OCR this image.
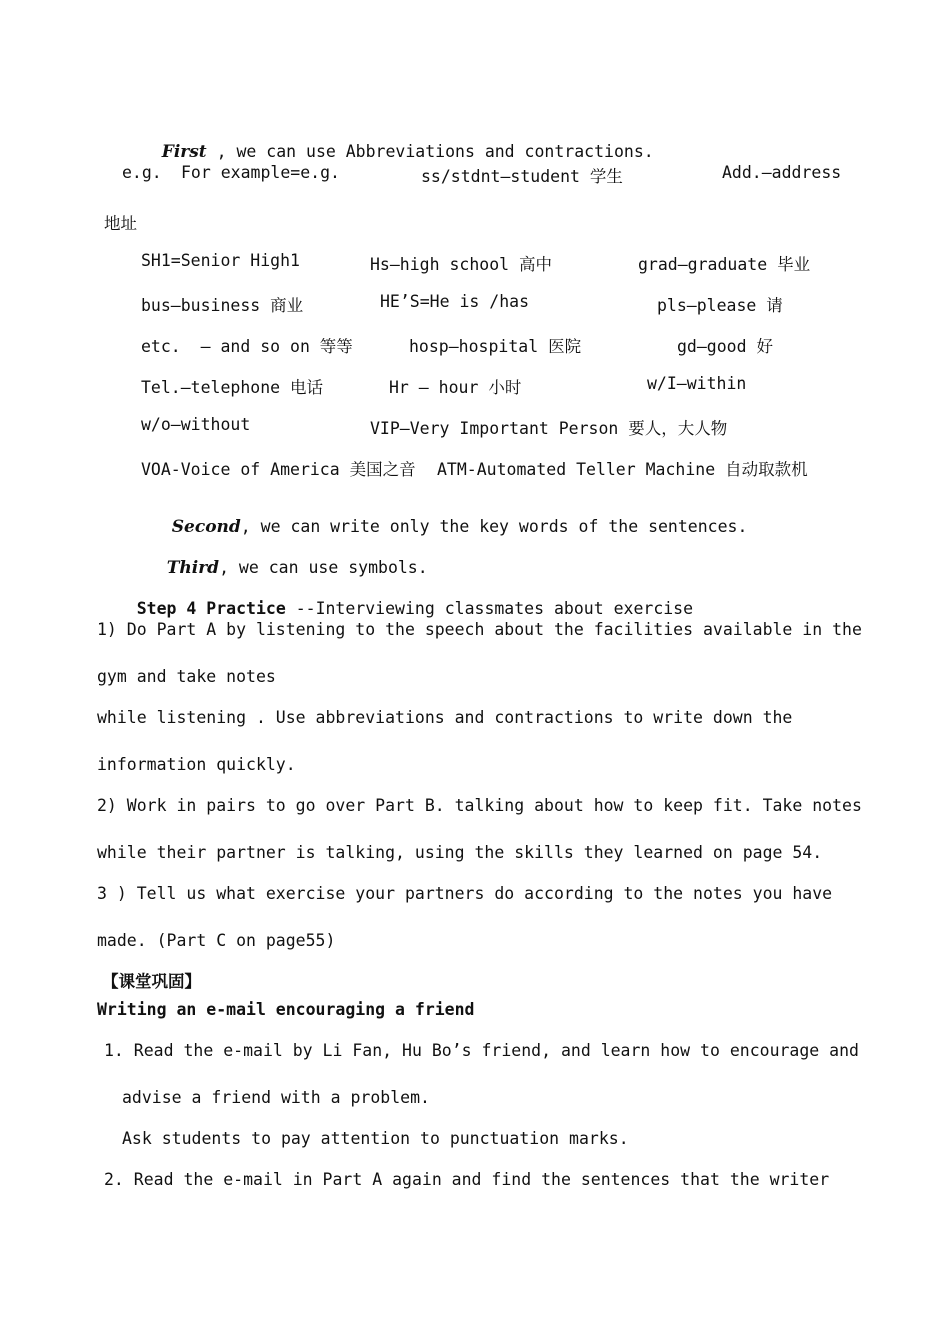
First , we can use Abbreviations and contractions.

e.g. For example=e.g.	ss/stdnt—student 学生	Add.—address
地址
SH1=Senior High1	Hs—high school 高中	grad—graduate 毕业
bus—business 商业	HE’S=He is /has	pls—please 请
etc.  — and so on 等等	hosp—hospital 医院	gd—good 好
Tel.—telephone 电话	Hr — hour 小时	w/I—within
w/o—without	VIP—Very Important Person 要人，大人物
VOA-Voice of America 美国之音 ATM-Automated Teller Machine 自动取款机

Second, we can write only the key words of the sentences.

Third, we can use symbols.

Step 4 Practice --Interviewing classmates about exercise

1) Do Part A by listening to the speech about the facilities available in the
gym and take notes
while listening . Use abbreviations and contractions to write down the
information quickly.
2) Work in pairs to go over Part B. talking about how to keep fit. Take notes
while their partner is talking, using the skills they learned on page 54.
3 ) Tell us what exercise your partners do according to the notes you have
made. (Part C on page55)
【课堂巩固】
Writing an e-mail encouraging a friend
1. Read the e-mail by Li Fan, Hu Bo’s friend, and learn how to encourage and
advise a friend with a problem.
Ask students to pay attention to punctuation marks.
2. Read the e-mail in Part A again and find the sentences that the writer
